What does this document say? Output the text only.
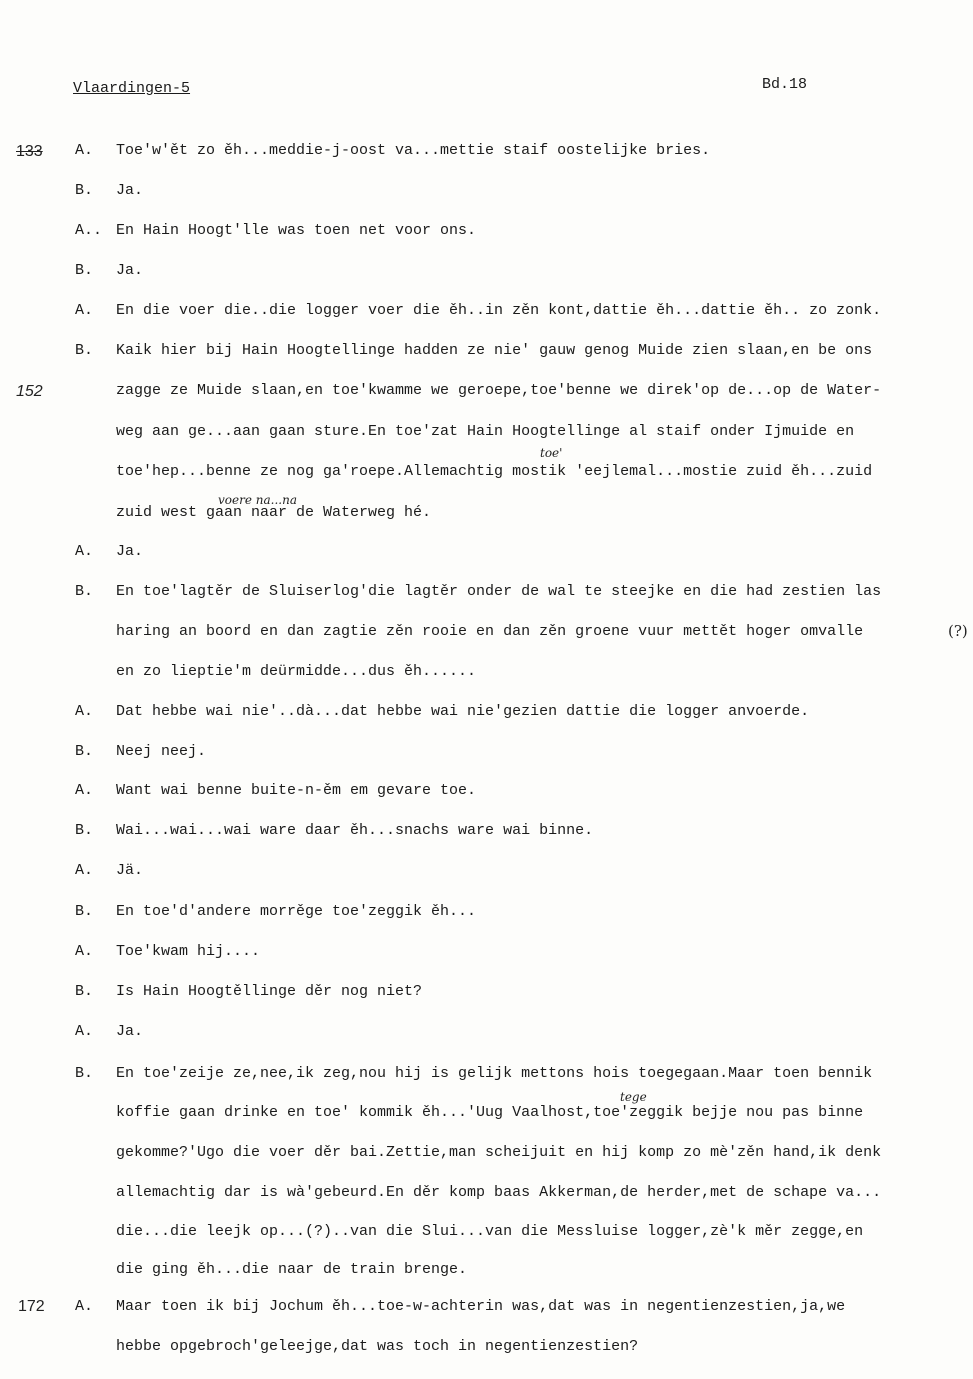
Vlaardingen-5	Bd.18
133
152
172
toe'
voere na...na
(?)
tege
A. Toe'w'ět zo ěh...meddie-j-oost va...mettie staif oostelijke bries.
B. Ja.
A.. En Hain Hoogt'lle was toen net voor ons.
B. Ja.
A. En die voer die..die logger voer die ěh..in zěn kont,dattie ěh...dattie ěh.. zo zonk.
B. Kaik hier bij Hain Hoogtellinge hadden ze nie' gauw genog Muide zien slaan,en be ons
zagge ze Muide slaan,en toe'kwamme we geroepe,toe'benne we direk'op de...op de Water-
weg aan ge...aan gaan sture.En toe'zat Hain Hoogtellinge al staif onder Ijmuide en
toe'hep...benne ze nog ga'roepe.Allemachtig mostik 'eejlemal...mostie zuid ěh...zuid
zuid west gaan naar de Waterweg hé.
A. Ja.
B. En toe'lagtěr de Sluiserlog'die lagtěr onder de wal te steejke en die had zestien las
haring an boord en dan zagtie zěn rooie en dan zěn groene vuur mettět hoger omvalle
en zo lieptie'm deürmidde...dus ěh......
A. Dat hebbe wai nie'..dà...dat hebbe wai nie'gezien dattie die logger anvoerde.
B. Neej neej.
A. Want wai benne buite-n-ěm em gevare toe.
B. Wai...wai...wai ware daar ěh...snachs ware wai binne.
A. Jä.
B. En toe'd'andere morrěge toe'zeggik ěh...
A. Toe'kwam hij....
B. Is Hain Hoogtěllinge děr nog niet?
A. Ja.
B. En toe'zeije ze,nee,ik zeg,nou hij is gelijk mettons hois toegegaan.Maar toen bennik
koffie gaan drinke en toe' kommik ěh...'Uug Vaalhost,toe'zeggik bejje nou pas binne
gekomme?'Ugo die voer děr bai.Zettie,man scheijuit en hij komp zo mè'zěn hand,ik denk
allemachtig dar is wà'gebeurd.En děr komp baas Akkerman,de herder,met de schape va...
die...die leejk op...(?)..van die Slui...van die Messluise logger,zè'k měr zegge,en
die ging ěh...die naar de train brenge.
A. Maar toen ik bij Jochum ěh...toe-w-achterin was,dat was in negentienzestien,ja,we
hebbe opgebroch'geleejge,dat was toch in negentienzestien?
